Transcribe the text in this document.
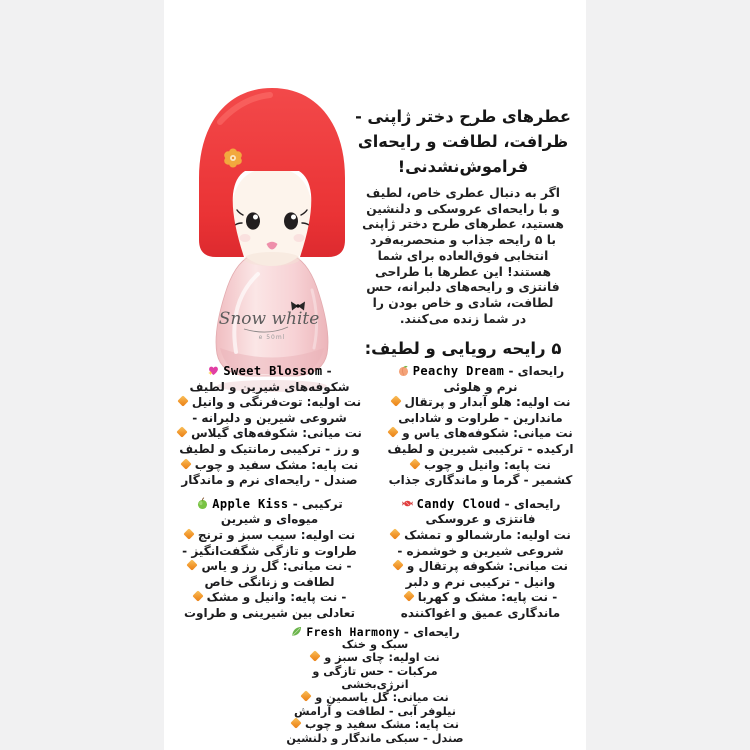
Snow white
e 50ml
عطرهای طرح دختر ژاپنی -
ظرافت، لطافت و رایحه‌ای
فراموش‌نشدنی!
اگر به دنبال عطری خاص، لطیف
و با رایحه‌ای عروسکی و دلنشین
هستید، عطرهای طرح دختر ژاپنی
با ۵ رایحه جذاب و منحصربه‌فرد
انتخابی فوق‌العاده برای شما
هستند! این عطرها با طراحی
فانتزی و رایحه‌های دلبرانه، حس
لطافت، شادی و خاص بودن را
در شما زنده می‌کنند.
۵ رایحه رویایی و لطیف:
Sweet Blossom -
شکوفه‌های شیرین و لطیف
نت اولیه: توت‌فرنگی و وانیل
- شروعی شیرین و دلبرانه
نت میانی: شکوفه‌های گیلاس
و رز - ترکیبی رمانتیک و لطیف
نت پایه: مشک سفید و چوب
صندل - رایحه‌ای نرم و ماندگار
Peachy Dream - رایحه‌ای
نرم و هلوئی
نت اولیه: هلو آبدار و پرتقال
ماندارین - طراوت و شادابی
نت میانی: شکوفه‌های یاس و
ارکیده - ترکیبی شیرین و لطیف
نت پایه: وانیل و چوب
کشمیر - گرما و ماندگاری جذاب
Apple Kiss - ترکیبی
میوه‌ای و شیرین
نت اولیه: سیب سبز و ترنج
- طراوت و تازگی شگفت‌انگیز
نت میانی: گل رز و یاس -
لطافت و زنانگی خاص
نت پایه: وانیل و مشک -
تعادلی بین شیرینی و طراوت
Candy Cloud - رایحه‌ای
فانتزی و عروسکی
نت اولیه: مارشمالو و تمشک
- شروعی شیرین و خوشمزه
نت میانی: شکوفه پرتقال و
وانیل - ترکیبی نرم و دلبر
نت پایه: مشک و کهربا -
ماندگاری عمیق و اغواکننده
Fresh Harmony - رایحه‌ای
سبک و خنک
نت اولیه: چای سبز و
مرکبات - حس تازگی و
انرژی‌بخشی
نت میانی: گل یاسمین و
نیلوفر آبی - لطافت و آرامش
نت پایه: مشک سفید و چوب
صندل - سبکی ماندگار و دلنشین
